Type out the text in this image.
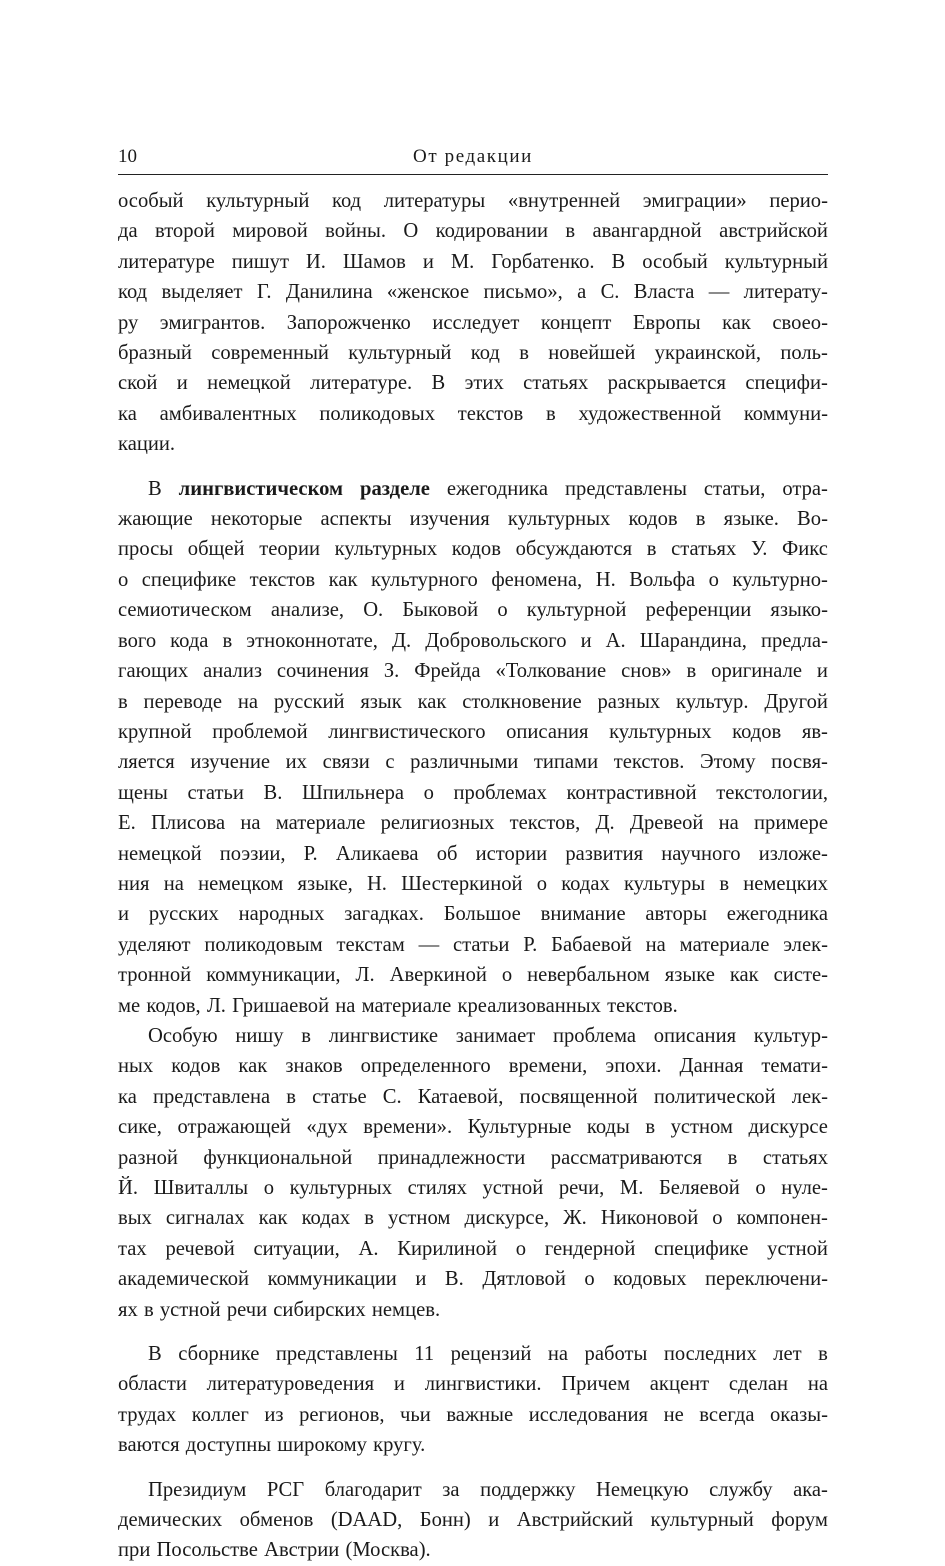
10	От редакции
особый культурный код литературы «внутренней эмиграции» перио-
да второй мировой войны. О кодировании в авангардной австрийской
литературе пишут И. Шамов и М. Горбатенко. В особый культурный
код выделяет Г. Данилина «женское письмо», а С. Власта — литерату-
ру эмигрантов. Запорожченко исследует концепт Европы как своео-
бразный современный культурный код в новейшей украинской, поль-
ской и немецкой литературе. В этих статьях раскрывается специфи-
ка амбивалентных поликодовых текстов в художественной коммуни-
кации.
В лингвистическом разделе ежегодника представлены статьи, отра-
жающие некоторые аспекты изучения культурных кодов в языке. Во-
просы общей теории культурных кодов обсуждаются в статьях У. Фикс
о специфике текстов как культурного феномена, Н. Вольфа о культурно-
семиотическом анализе, О. Быковой о культурной референции языко-
вого кода в этноконнотате, Д. Добровольского и А. Шарандина, предла-
гающих анализ сочинения З. Фрейда «Толкование снов» в оригинале и
в переводе на русский язык как столкновение разных культур. Другой
крупной проблемой лингвистического описания культурных кодов яв-
ляется изучение их связи с различными типами текстов. Этому посвя-
щены статьи В. Шпильнера о проблемах контрастивной текстологии,
Е. Плисова на материале религиозных текстов, Д. Древеой на примере
немецкой поэзии, Р. Аликаева об истории развития научного изложе-
ния на немецком языке, Н. Шестеркиной о кодах культуры в немецких
и русских народных загадках. Большое внимание авторы ежегодника
уделяют поликодовым текстам — статьи Р. Бабаевой на материале элек-
тронной коммуникации, Л. Аверкиной о невербальном языке как систе-
ме кодов, Л. Гришаевой на материале креализованных текстов.
Особую нишу в лингвистике занимает проблема описания культур-
ных кодов как знаков определенного времени, эпохи. Данная темати-
ка представлена в статье С. Катаевой, посвященной политической лек-
сике, отражающей «дух времени». Культурные коды в устном дискурсе
разной функциональной принадлежности рассматриваются в статьях
Й. Швиталлы о культурных стилях устной речи, М. Беляевой о нуле-
вых сигналах как кодах в устном дискурсе, Ж. Никоновой о компонен-
тах речевой ситуации, А. Кирилиной о гендерной специфике устной
академической коммуникации и В. Дятловой о кодовых переключени-
ях в устной речи сибирских немцев.
В сборнике представлены 11 рецензий на работы последних лет в
области литературоведения и лингвистики. Причем акцент сделан на
трудах коллег из регионов, чьи важные исследования не всегда оказы-
ваются доступны широкому кругу.
Президиум РСГ благодарит за поддержку Немецкую службу ака-
демических обменов (DAAD, Бонн) и Австрийский культурный форум
при Посольстве Австрии (Москва).
